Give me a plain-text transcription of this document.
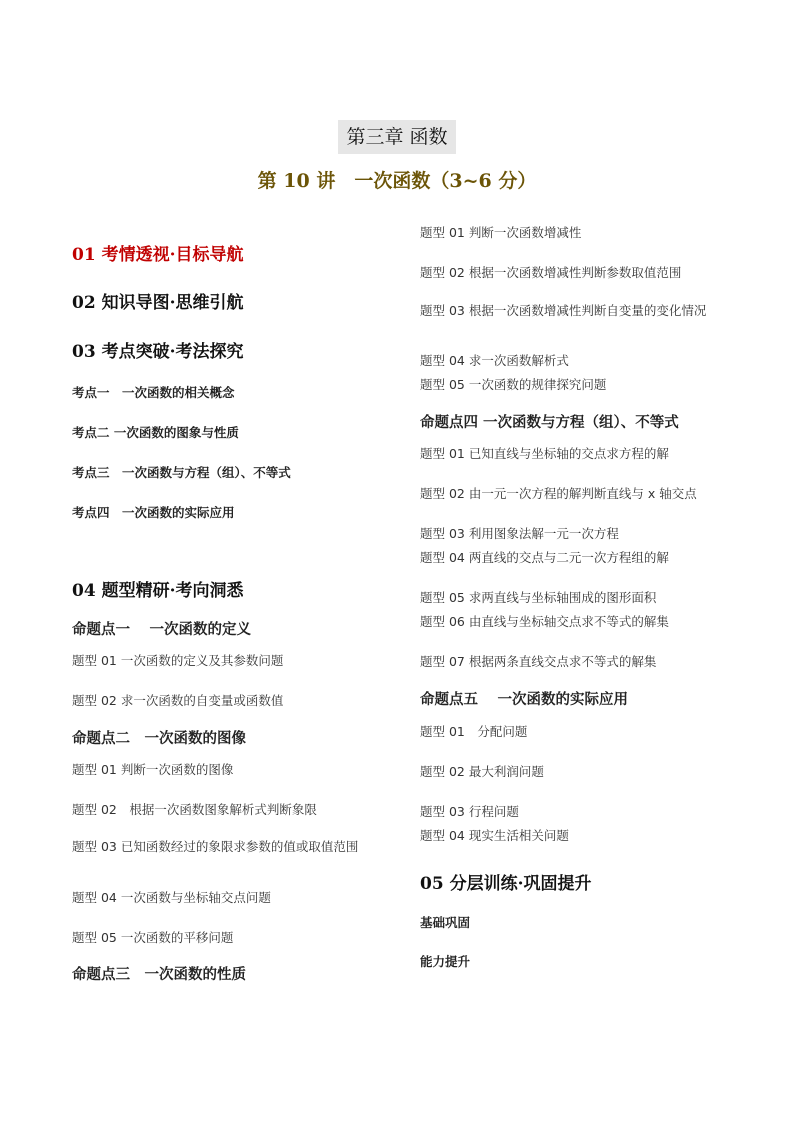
第三章 函数
第 10 讲　一次函数（3~6 分）
01 考情透视·目标导航
02 知识导图·思维引航
03 考点突破·考法探究
考点一　一次函数的相关概念
考点二 一次函数的图象与性质
考点三　一次函数与方程（组）、不等式
考点四　一次函数的实际应用
04 题型精研·考向洞悉
命题点一　 一次函数的定义
题型 01 一次函数的定义及其参数问题
题型 02 求一次函数的自变量或函数值
命题点二　一次函数的图像
题型 01 判断一次函数的图像
题型 02　根据一次函数图象解析式判断象限
题型 03 已知函数经过的象限求参数的值或取值范围
题型 04 一次函数与坐标轴交点问题
题型 05 一次函数的平移问题
命题点三　一次函数的性质
题型 01 判断一次函数增减性
题型 02 根据一次函数增减性判断参数取值范围
题型 03 根据一次函数增减性判断自变量的变化情况
题型 04 求一次函数解析式
题型 05 一次函数的规律探究问题
命题点四 一次函数与方程（组）、不等式
题型 01 已知直线与坐标轴的交点求方程的解
题型 02 由一元一次方程的解判断直线与 x 轴交点
题型 03 利用图象法解一元一次方程
题型 04 两直线的交点与二元一次方程组的解
题型 05 求两直线与坐标轴围成的图形面积
题型 06 由直线与坐标轴交点求不等式的解集
题型 07 根据两条直线交点求不等式的解集
命题点五　 一次函数的实际应用
题型 01　分配问题
题型 02 最大利润问题
题型 03 行程问题
题型 04 现实生活相关问题
05 分层训练·巩固提升
基础巩固
能力提升
